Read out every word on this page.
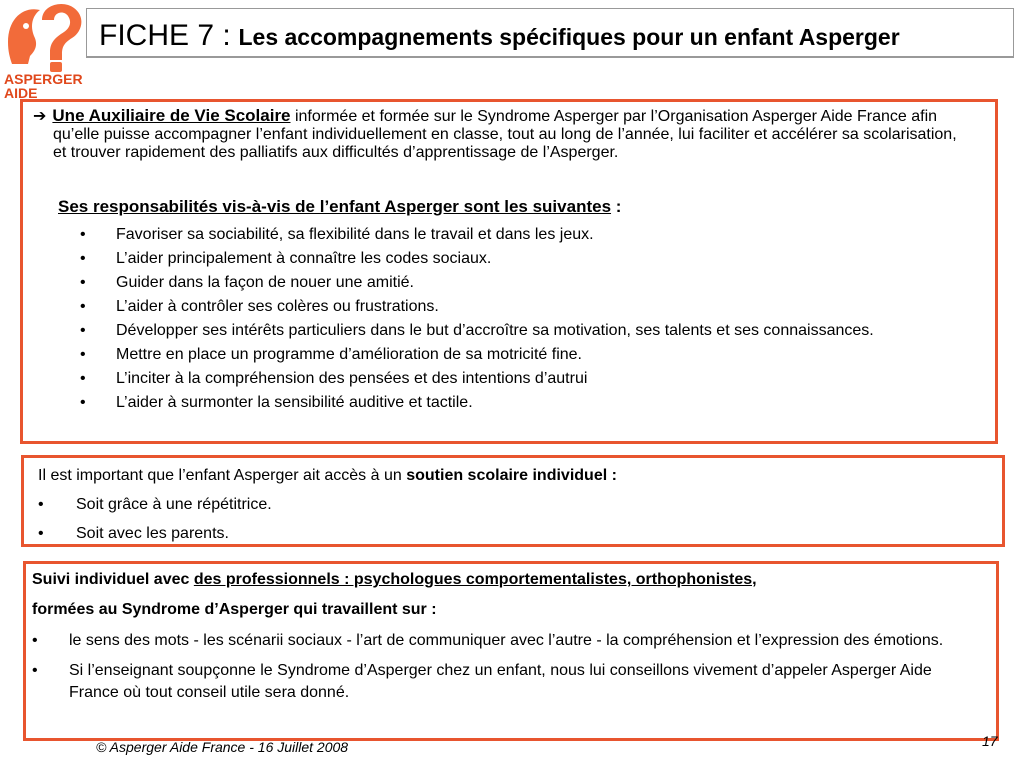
ASPERGER
AIDE
FICHE 7 : Les accompagnements spécifiques pour un enfant Asperger
➔ Une Auxiliaire de Vie Scolaire informée et formée sur le Syndrome Asperger par l’Organisation Asperger Aide France afin qu’elle puisse accompagner l’enfant individuellement en classe, tout au long de l’année, lui faciliter et accélérer sa scolarisation, et trouver rapidement des palliatifs aux difficultés d’apprentissage de l’Asperger.
Ses responsabilités vis-à-vis de l’enfant Asperger sont les suivantes :
•	Favoriser sa sociabilité, sa flexibilité dans le travail et dans les jeux.
•	L’aider principalement à connaître les codes sociaux.
•	Guider dans la façon de nouer une amitié.
•	L’aider à contrôler ses colères ou frustrations.
•	Développer ses intérêts particuliers dans le but d’accroître sa motivation, ses talents et ses connaissances.
•	Mettre en place un programme d’amélioration de sa motricité fine.
•	L’inciter à la compréhension des pensées et des intentions d’autrui
•	L’aider à surmonter la sensibilité auditive et tactile.
Il est important que l’enfant Asperger ait accès à un soutien scolaire individuel :
•	Soit grâce à une répétitrice.
•	Soit avec les parents.
Suivi individuel avec des professionnels : psychologues comportementalistes, orthophonistes,
formées au Syndrome d’Asperger qui travaillent sur :
•	le sens des mots - les scénarii sociaux - l’art de communiquer avec l’autre - la compréhension et l’expression des émotions.
•	Si l’enseignant soupçonne le Syndrome d’Asperger chez un enfant, nous lui conseillons vivement d’appeler Asperger Aide France où tout conseil utile sera donné.
© Asperger Aide France - 16 Juillet 2008	17
